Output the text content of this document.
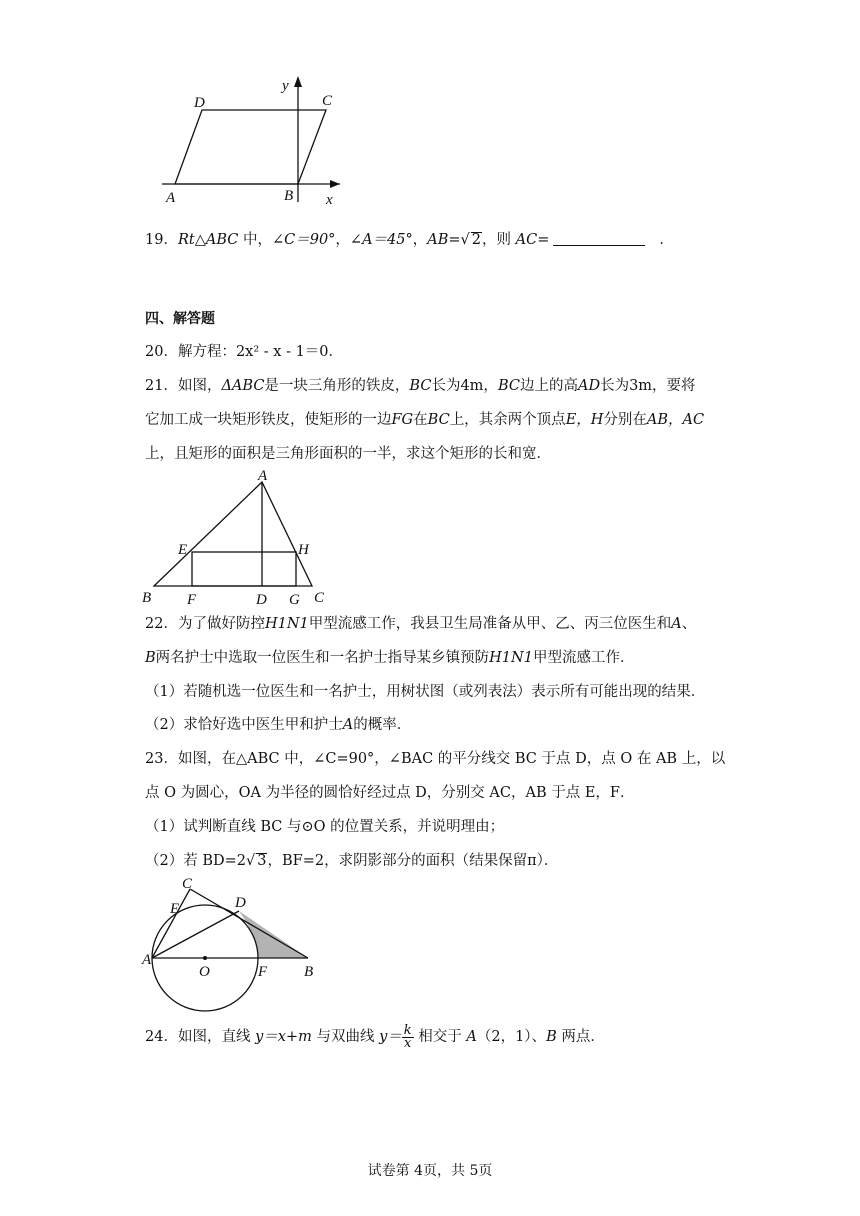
D	C
A	B
y
x
19．Rt△ABC 中，∠C＝90°，∠A＝45°，AB=√ 2，则 AC=	．
四、解答题
20．解方程：2x² ‐ x ‐ 1＝0．
21．如图，ΔABC是一块三角形的铁皮，BC长为4m，BC边上的高AD长为3m，要将
它加工成一块矩形铁皮，使矩形的一边FG在BC上，其余两个顶点E，H分别在AB，AC
上，且矩形的面积是三角形面积的一半，求这个矩形的长和宽．
A
E	H
B F	D G C
22．为了做好防控H1N1甲型流感工作，我县卫生局准备从甲、乙、丙三位医生和A、
B两名护士中选取一位医生和一名护士指导某乡镇预防H1N1甲型流感工作．
（1）若随机选一位医生和一名护士，用树状图（或列表法）表示所有可能出现的结果．
（2）求恰好选中医生甲和护士A的概率．
23．如图，在△ABC 中，∠C=90°，∠BAC 的平分线交 BC 于点 D，点 O 在 AB 上，以
点 O 为圆心，OA 为半径的圆恰好经过点 D，分别交 AC，AB 于点 E，F．
（1）试判断直线 BC 与⊙O 的位置关系，并说明理由；
（2）若 BD=2√ 3，BF=2，求阴影部分的面积（结果保留π）．
C
E	D
A
O	F B
24．如图，直线 y＝x+m 与双曲线 $y= \frac{k}{x}$ 相交于 A（2，1）、B 两点．
试卷第 4页，共 5页
